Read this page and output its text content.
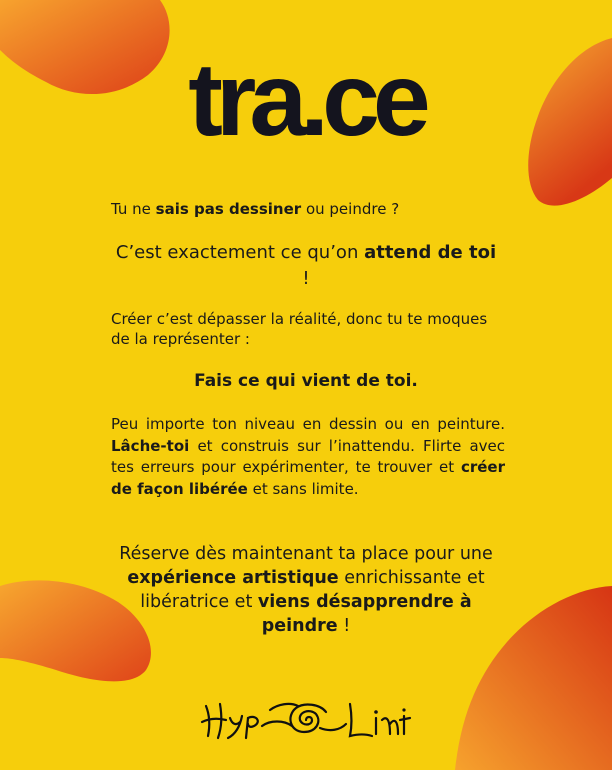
tra.ce

Tu ne sais pas dessiner ou peindre ?

C’est exactement ce qu’on attend de toi !

Créer c’est dépasser la réalité, donc tu te moques de la représenter :

Fais ce qui vient de toi.

Peu importe ton niveau en dessin ou en peinture. Lâche-toi et construis sur l’inattendu. Flirte avec tes erreurs pour expérimenter, te trouver et créer de façon libérée et sans limite.

Réserve dès maintenant ta place pour une expérience artistique enrichissante et libératrice et viens désapprendre à peindre !
